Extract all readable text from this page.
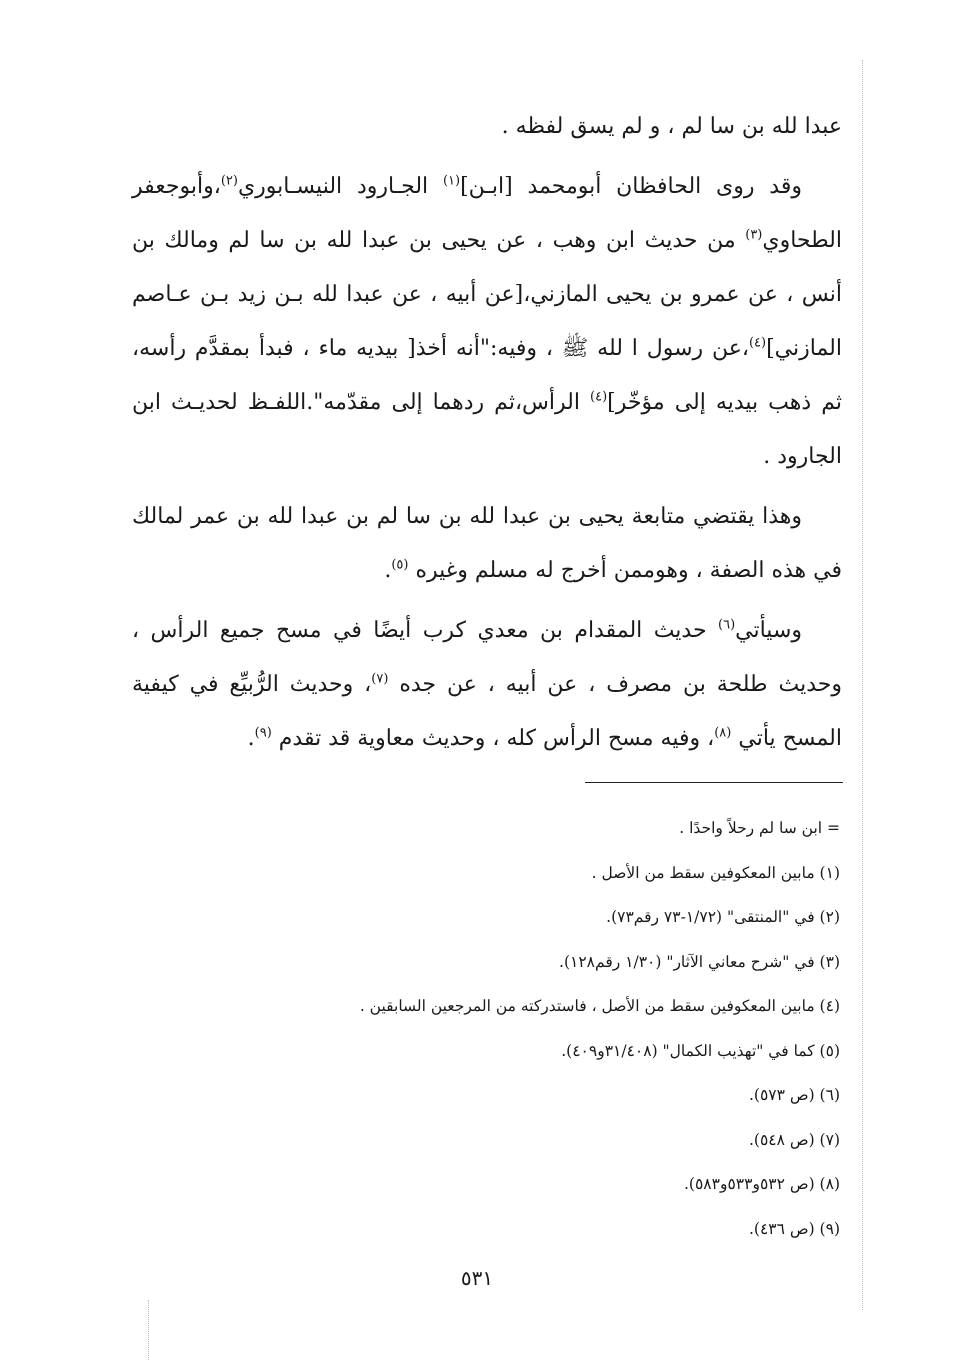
عبدا لله بن سا لم ، و لم يسق لفظه .

وقد روى الحافظان أبومحمد [ابـن]$^{(١)}$ الجـارود النيسـابوري$^{(٢)}$،وأبوجعفر الطحاوي$^{(٣)}$ من حديث ابن وهب ، عن يحيى بن عبدا لله بن سا لم ومالك بن أنس ، عن عمرو بن يحيى المازني،[عن أبيه ، عن عبدا لله بـن زيد بـن عـاصم المازني]$^{(٤)}$،عن رسول ا لله ﷺ ، وفيه:"أنه أخذ[ بيديه ماء ، فبدأ بمقدَّم رأسه، ثم ذهب بيديه إلى مؤخّر]$^{(٤)}$ الرأس،ثم ردهما إلى مقدّمه".اللفـظ لحديـث ابن الجارود .

وهذا يقتضي متابعة يحيى بن عبدا لله بن سا لم بن عبدا لله بن عمر لمالك في هذه الصفة ، وهوممن أخرج له مسلم وغيره $^{(٥)}$.

وسيأتي$^{(٦)}$ حديث المقدام بن معدي كرب أيضًا في مسح جميع الرأس ، وحديث طلحة بن مصرف ، عن أبيه ، عن جده $^{(٧)}$، وحديث الرُّبيِّع في كيفية المسح يأتي $^{(٨)}$، وفيه مسح الرأس كله ، وحديث معاوية قد تقدم $^{(٩)}$.

= ابن سا لم رحلاً واحدًا .
(١) مابين المعكوفين سقط من الأصل .
(٢) في "المنتقى" (١/٧٢-٧٣ رقم٧٣).
(٣) في "شرح معاني الآثار" (١/٣٠ رقم١٢٨).
(٤) مابين المعكوفين سقط من الأصل ، فاستدركته من المرجعين السابقين .
(٥) كما في "تهذيب الكمال" (٣١/٤٠٨و٤٠٩).
(٦) (ص ٥٧٣).
(٧) (ص ٥٤٨).
(٨) (ص ٥٣٢و٥٣٣و٥٨٣).
(٩) (ص ٤٣٦).
٥٣١
